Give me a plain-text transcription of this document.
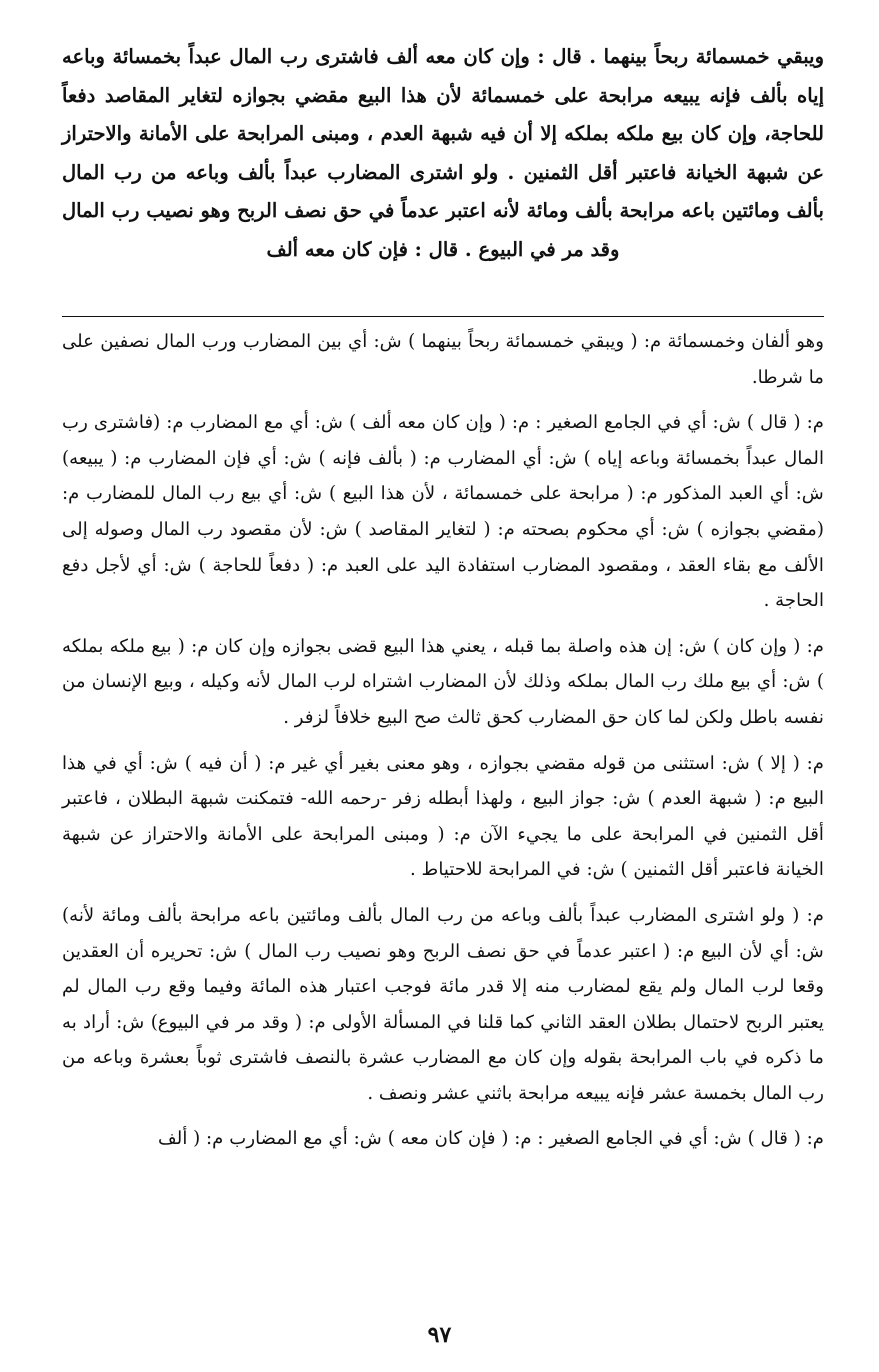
ويبقي خمسمائة ربحاً بينهما . قال : وإن كان معه ألف فاشترى رب المال عبداً بخمسائة وباعه إياه بألف فإنه يبيعه مرابحة على خمسمائة لأن هذا البيع مقضي بجوازه لتغاير المقاصد دفعاً للحاجة، وإن كان بيع ملكه بملكه إلا أن فيه شبهة العدم ، ومبنى المرابحة على الأمانة والاحتراز عن شبهة الخيانة فاعتبر أقل الثمنين . ولو اشترى المضارب عبداً بألف وباعه من رب المال بألف ومائتين باعه مرابحة بألف ومائة لأنه اعتبر عدماً في حق نصف الربح وهو نصيب رب المال وقد مر في البيوع . قال : فإن كان معه ألف

وهو ألفان وخمسمائة م: ( ويبقي خمسمائة ربحاً بينهما ) ش: أي بين المضارب ورب المال نصفين على ما شرطا.

م: ( قال ) ش: أي في الجامع الصغير : م: ( وإن كان معه ألف ) ش: أي مع المضارب م: (فاشترى رب المال عبداً بخمسائة وباعه إياه ) ش: أي المضارب م: ( بألف فإنه ) ش: أي فإن المضارب م: ( يبيعه) ش: أي العبد المذكور م: ( مرابحة على خمسمائة ، لأن هذا البيع ) ش: أي بيع رب المال للمضارب م: (مقضي بجوازه ) ش: أي محكوم بصحته م: ( لتغاير المقاصد ) ش: لأن مقصود رب المال وصوله إلى الألف مع بقاء العقد ، ومقصود المضارب استفادة اليد على العبد م: ( دفعاً للحاجة ) ش: أي لأجل دفع الحاجة .

م: ( وإن كان ) ش: إن هذه واصلة بما قبله ، يعني هذا البيع قضى بجوازه وإن كان م: ( بيع ملكه بملكه ) ش: أي بيع ملك رب المال بملكه وذلك لأن المضارب اشتراه لرب المال لأنه وكيله ، وبيع الإنسان من نفسه باطل ولكن لما كان حق المضارب كحق ثالث صح البيع خلافاً لزفر .

م: ( إلا ) ش: استثنى من قوله مقضي بجوازه ، وهو معنى بغير أي غير م: ( أن فيه ) ش: أي في هذا البيع م: ( شبهة العدم ) ش: جواز البيع ، ولهذا أبطله زفر -رحمه الله- فتمكنت شبهة البطلان ، فاعتبر أقل الثمنين في المرابحة على ما يجيء الآن م: ( ومبنى المرابحة على الأمانة والاحتراز عن شبهة الخيانة فاعتبر أقل الثمنين ) ش: في المرابحة للاحتياط .

م: ( ولو اشترى المضارب عبداً بألف وباعه من رب المال بألف ومائتين باعه مرابحة بألف ومائة لأنه) ش: أي لأن البيع م: ( اعتبر عدماً في حق نصف الربح وهو نصيب رب المال ) ش: تحريره أن العقدين وقعا لرب المال ولم يقع لمضارب منه إلا قدر مائة فوجب اعتبار هذه المائة وفيما وقع رب المال لم يعتبر الربح لاحتمال بطلان العقد الثاني كما قلنا في المسألة الأولى م: ( وقد مر في البيوع) ش: أراد به ما ذكره في باب المرابحة بقوله وإن كان مع المضارب عشرة بالنصف فاشترى ثوباً بعشرة وباعه من رب المال بخمسة عشر فإنه يبيعه مرابحة باثني عشر ونصف .

م: ( قال ) ش: أي في الجامع الصغير : م: ( فإن كان معه ) ش: أي مع المضارب م: ( ألف

٩٧
